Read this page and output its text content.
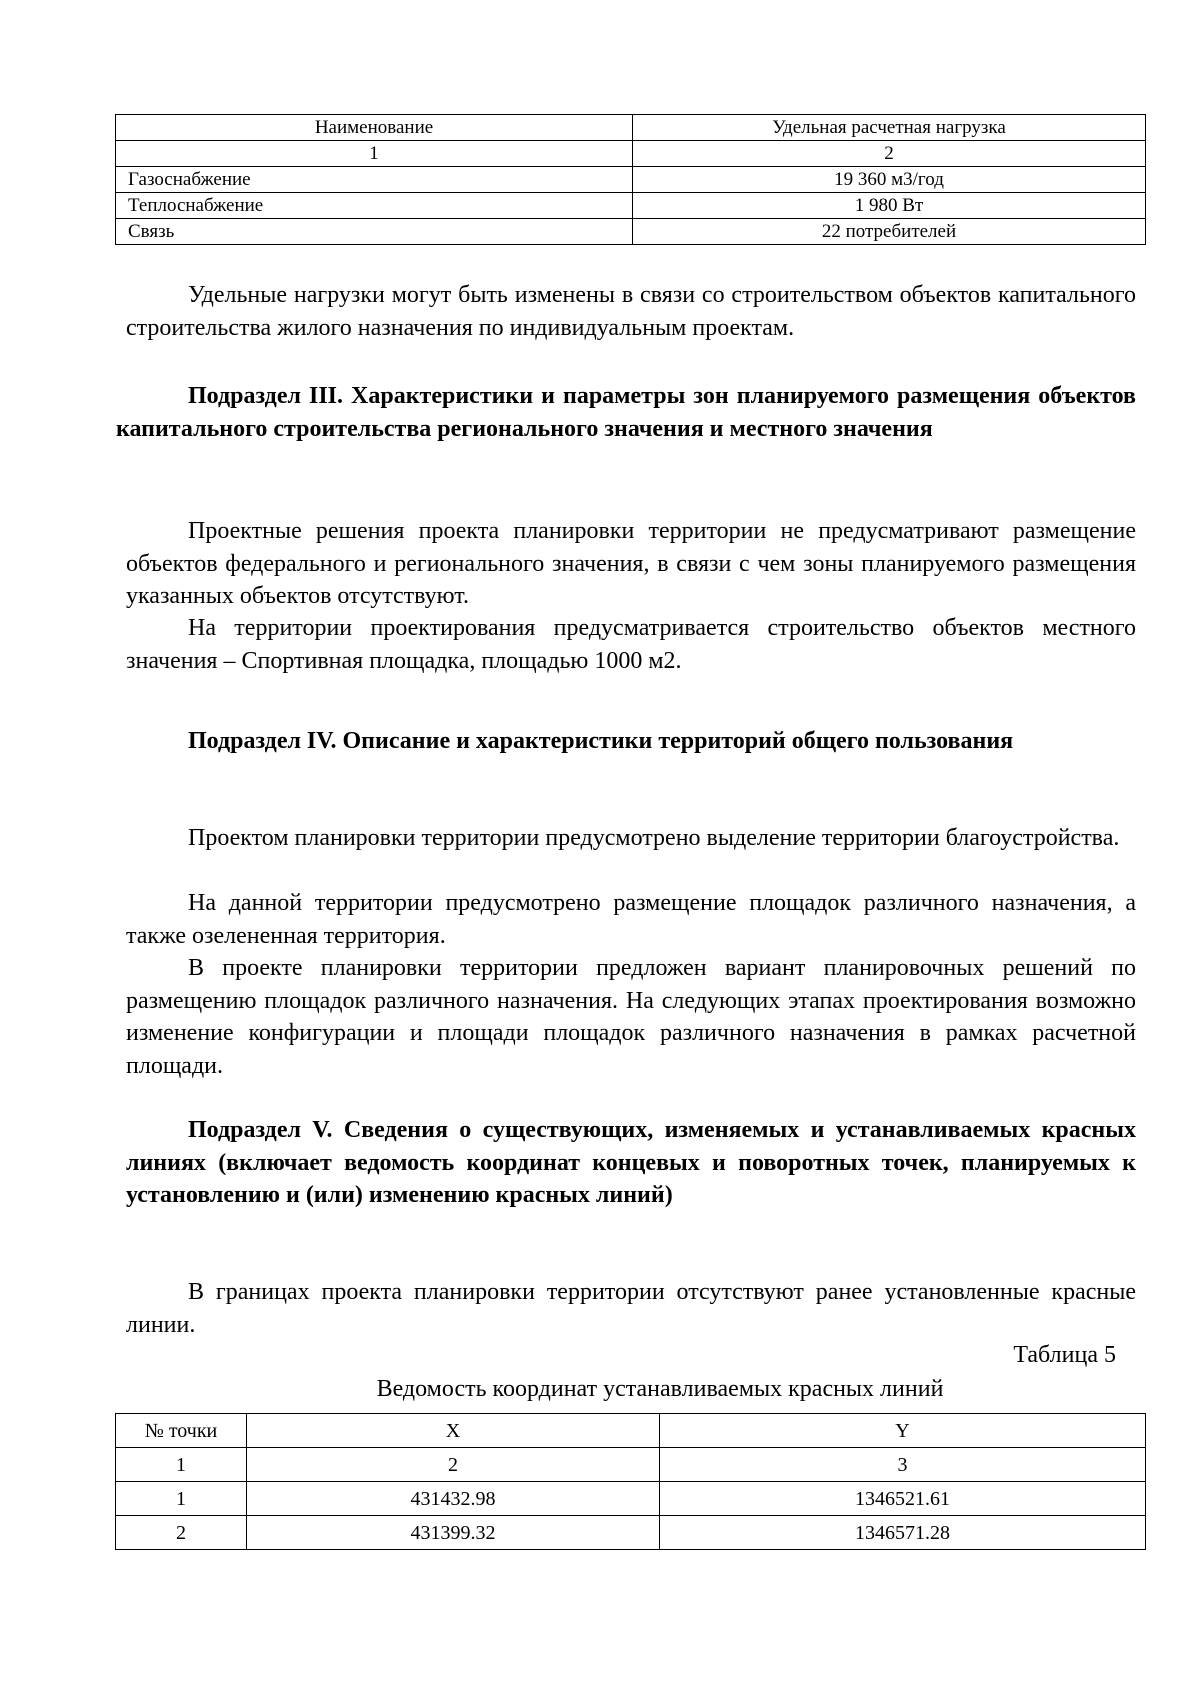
Наименование	Удельная расчетная нагрузка
1	2
Газоснабжение	19 360 м3/год
Теплоснабжение	1 980 Вт
Связь	22 потребителей

Удельные нагрузки могут быть изменены в связи со строительством объектов капитального строительства жилого назначения по индивидуальным проектам.

Подраздел III. Характеристики и параметры зон планируемого размещения объектов капитального строительства регионального значения и местного значения

Проектные решения проекта планировки территории не предусматривают размещение объектов федерального и регионального значения, в связи с чем зоны планируемого размещения указанных объектов отсутствуют.

На территории проектирования предусматривается строительство объектов местного значения – Спортивная площадка, площадью 1000 м2.

Подраздел IV. Описание и характеристики территорий общего пользования

Проектом планировки территории предусмотрено выделение территории благоустройства.

На данной территории предусмотрено размещение площадок различного назначения, а также озелененная территория.

В проекте планировки территории предложен вариант планировочных решений по размещению площадок различного назначения. На следующих этапах проектирования возможно изменение конфигурации и площади площадок различного назначения в рамках расчетной площади.

Подраздел V. Сведения о существующих, изменяемых и устанавливаемых красных линиях (включает ведомость координат концевых и поворотных точек, планируемых к установлению и (или) изменению красных линий)

В границах проекта планировки территории отсутствуют ранее установленные красные линии.

Таблица 5
Ведомость координат устанавливаемых красных линий
№ точки	X	Y
1	2	3
1	431432.98	1346521.61
2	431399.32	1346571.28
